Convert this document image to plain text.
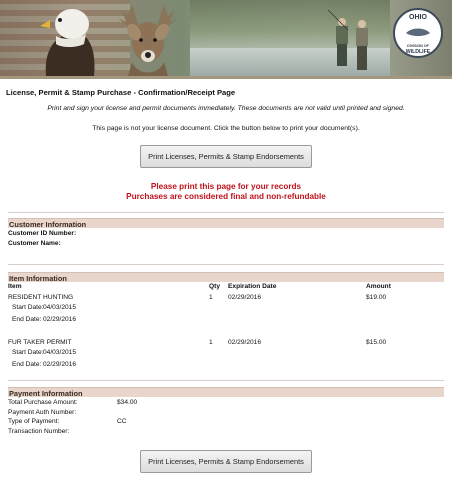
OHIO
DIVISION OF
WILDLIFE
License, Permit & Stamp Purchase - Confirmation/Receipt Page
Print and sign your license and permit documents immediately. These documents are not valid until printed and signed.
This page is not your license document. Click the button below to print your document(s).
Print Licenses, Permits & Stamp Endorsements
Please print this page for your records
Purchases are considered final and non-refundable
Customer Information
Customer ID Number:
Customer Name:
Item Information
Item	Qty Expiration Date	Amount
RESIDENT HUNTING	1 02/29/2016	$19.00
Start Date: 04/03/2015
End Date: 02/29/2016
FUR TAKER PERMIT	1 02/29/2016	$15.00
Start Date: 04/03/2015
End Date: 02/29/2016
Payment Information
Total Purchase Amount:	$34.00
Payment Auth Number:
Type of Payment:	CC
Transaction Number:
Print Licenses, Permits & Stamp Endorsements
